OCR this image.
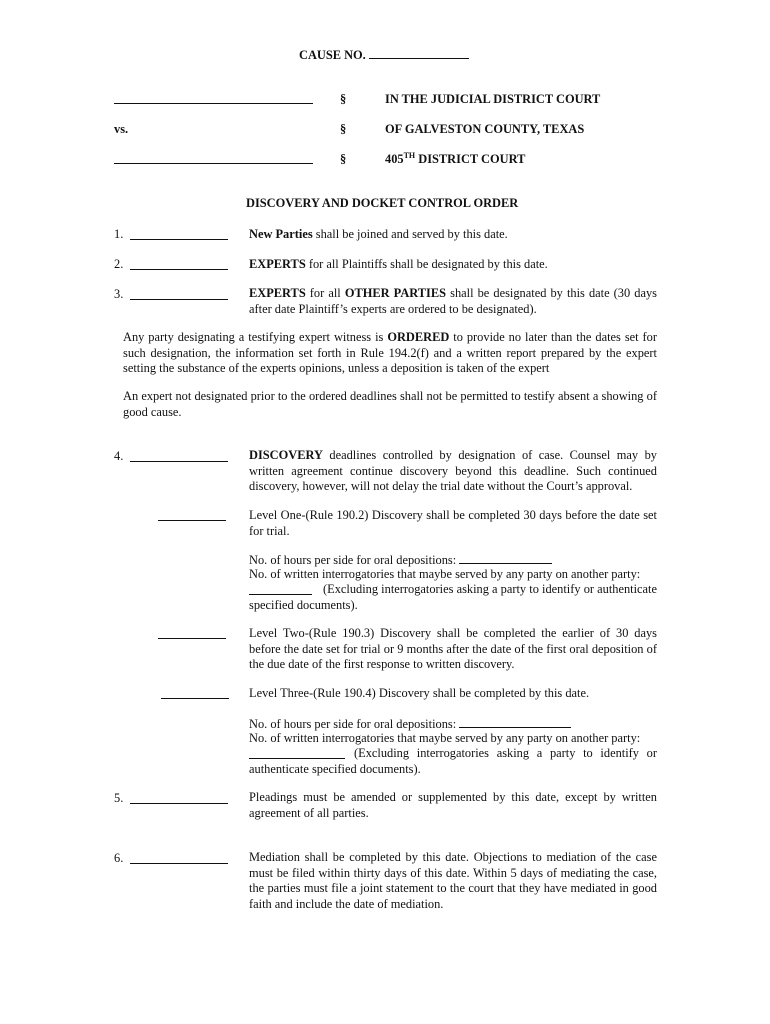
CAUSE NO.
§	IN THE JUDICIAL DISTRICT COURT
vs.	§	OF GALVESTON COUNTY, TEXAS
§	405TH DISTRICT COURT
DISCOVERY AND DOCKET CONTROL ORDER
1.	New Parties shall be joined and served by this date.
2.	EXPERTS for all Plaintiffs shall be designated by this date.
3.	EXPERTS for all OTHER PARTIES shall be designated by this date (30 days after date Plaintiff’s experts are ordered to be designated).
Any party designating a testifying expert witness is ORDERED to provide no later than the dates set for such designation, the information set forth in Rule 194.2(f) and a written report prepared by the expert setting the substance of the experts opinions, unless a deposition is taken of the expert
An expert not designated prior to the ordered deadlines shall not be permitted to testify absent a showing of good cause.
4.	DISCOVERY deadlines controlled by designation of case. Counsel may by written agreement continue discovery beyond this deadline. Such continued discovery, however, will not delay the trial date without the Court’s approval.
Level One-(Rule 190.2) Discovery shall be completed 30 days before the date set for trial.
No. of hours per side for oral depositions:
No. of written interrogatories that maybe served by any party on another party:
(Excluding interrogatories asking a party to identify or authenticate specified documents).
Level Two-(Rule 190.3) Discovery shall be completed the earlier of 30 days before the date set for trial or 9 months after the date of the first oral deposition of the due date of the first response to written discovery.
Level Three-(Rule 190.4) Discovery shall be completed by this date.
No. of hours per side for oral depositions:
No. of written interrogatories that maybe served by any party on another party:
(Excluding interrogatories asking a party to identify or authenticate specified documents).
5.	Pleadings must be amended or supplemented by this date, except by written agreement of all parties.
6.	Mediation shall be completed by this date. Objections to mediation of the case must be filed within thirty days of this date. Within 5 days of mediating the case, the parties must file a joint statement to the court that they have mediated in good faith and include the date of mediation.
